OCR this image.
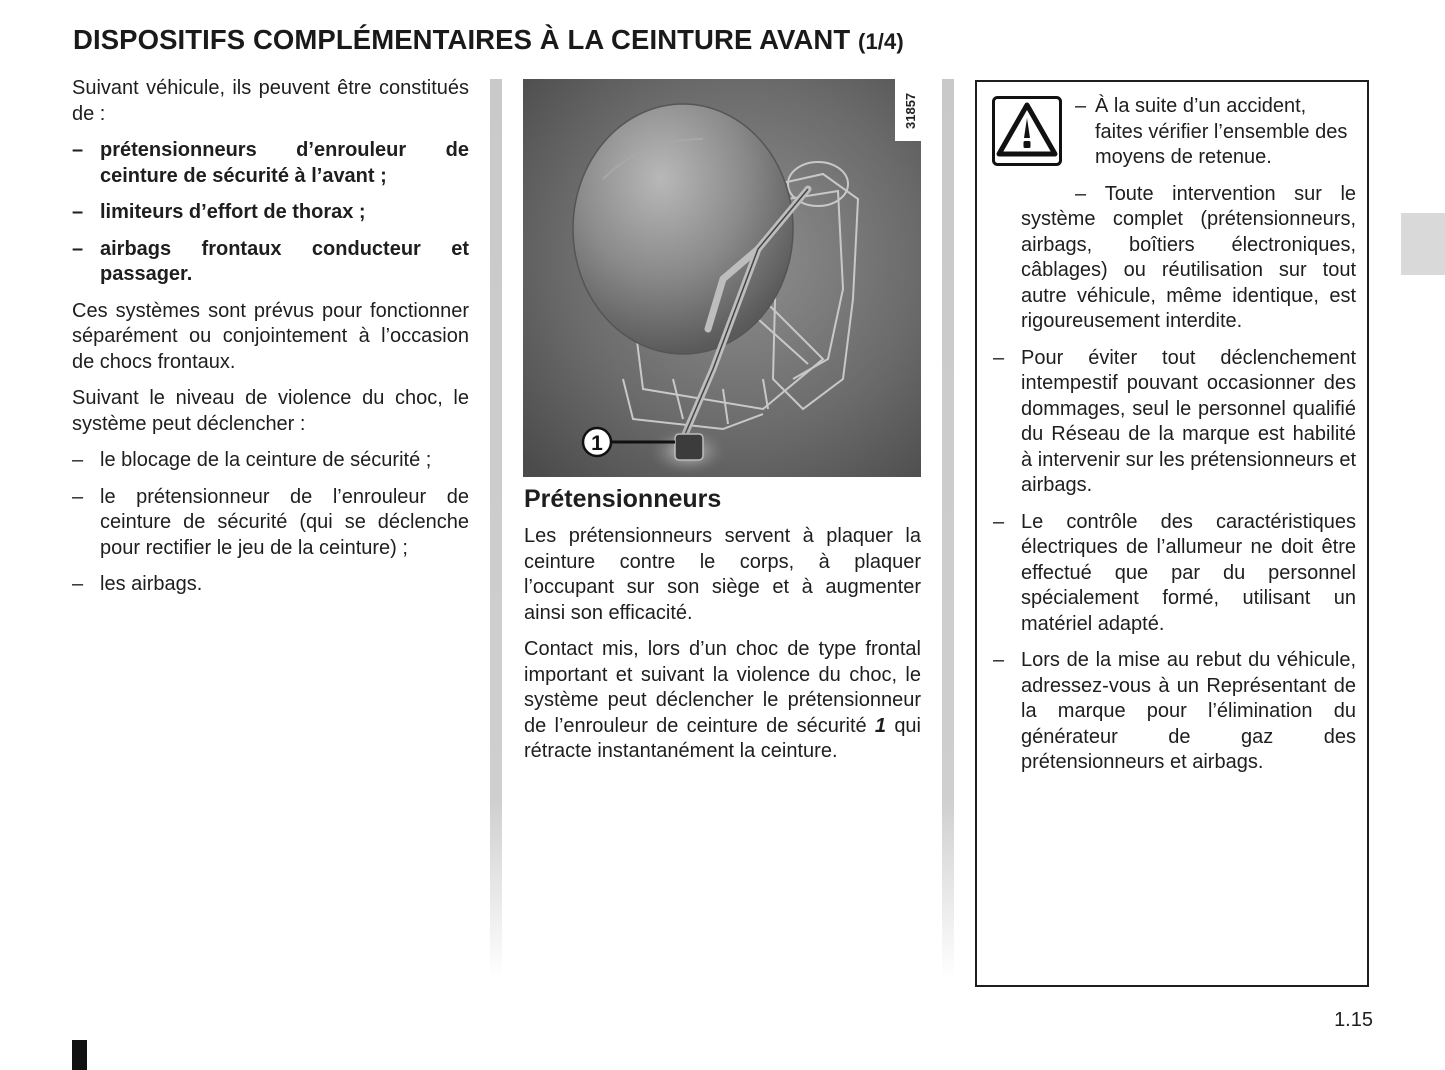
DISPOSITIFS COMPLÉMENTAIRES À LA CEINTURE AVANT (1/4)

Suivant véhicule, ils peuvent être constitués de :

– prétensionneurs d’enrouleur de ceinture de sécurité à l’avant ;
– limiteurs d’effort de thorax ;
– airbags frontaux conducteur et passager.

Ces systèmes sont prévus pour fonctionner séparément ou conjointement à l’occasion de chocs frontaux.

Suivant le niveau de violence du choc, le système peut déclencher :

– le blocage de la ceinture de sécurité ;
– le prétensionneur de l’enrouleur de ceinture de sécurité (qui se déclenche pour rectifier le jeu de la ceinture) ;
– les airbags.
1
31857
Prétensionneurs

Les prétensionneurs servent à plaquer la ceinture contre le corps, à plaquer l’occupant sur son siège et à augmenter ainsi son efficacité.

Contact mis, lors d’un choc de type frontal important et suivant la violence du choc, le système peut déclencher le prétensionneur de l’enrouleur de ceinture de sécurité 1 qui rétracte instantanément la ceinture.

– À la suite d’un accident, faites vérifier l’ensemble des moyens de retenue.
– Toute intervention sur le système complet (prétensionneurs, airbags, boîtiers électroniques, câblages) ou réutilisation sur tout autre véhicule, même identique, est rigoureusement interdite.
– Pour éviter tout déclenchement intempestif pouvant occasionner des dommages, seul le personnel qualifié du Réseau de la marque est habilité à intervenir sur les prétensionneurs et airbags.
– Le contrôle des caractéristiques électriques de l’allumeur ne doit être effectué que par du personnel spécialement formé, utilisant un matériel adapté.
– Lors de la mise au rebut du véhicule, adressez-vous à un Représentant de la marque pour l’élimination du générateur de gaz des prétensionneurs et airbags.
1.15
